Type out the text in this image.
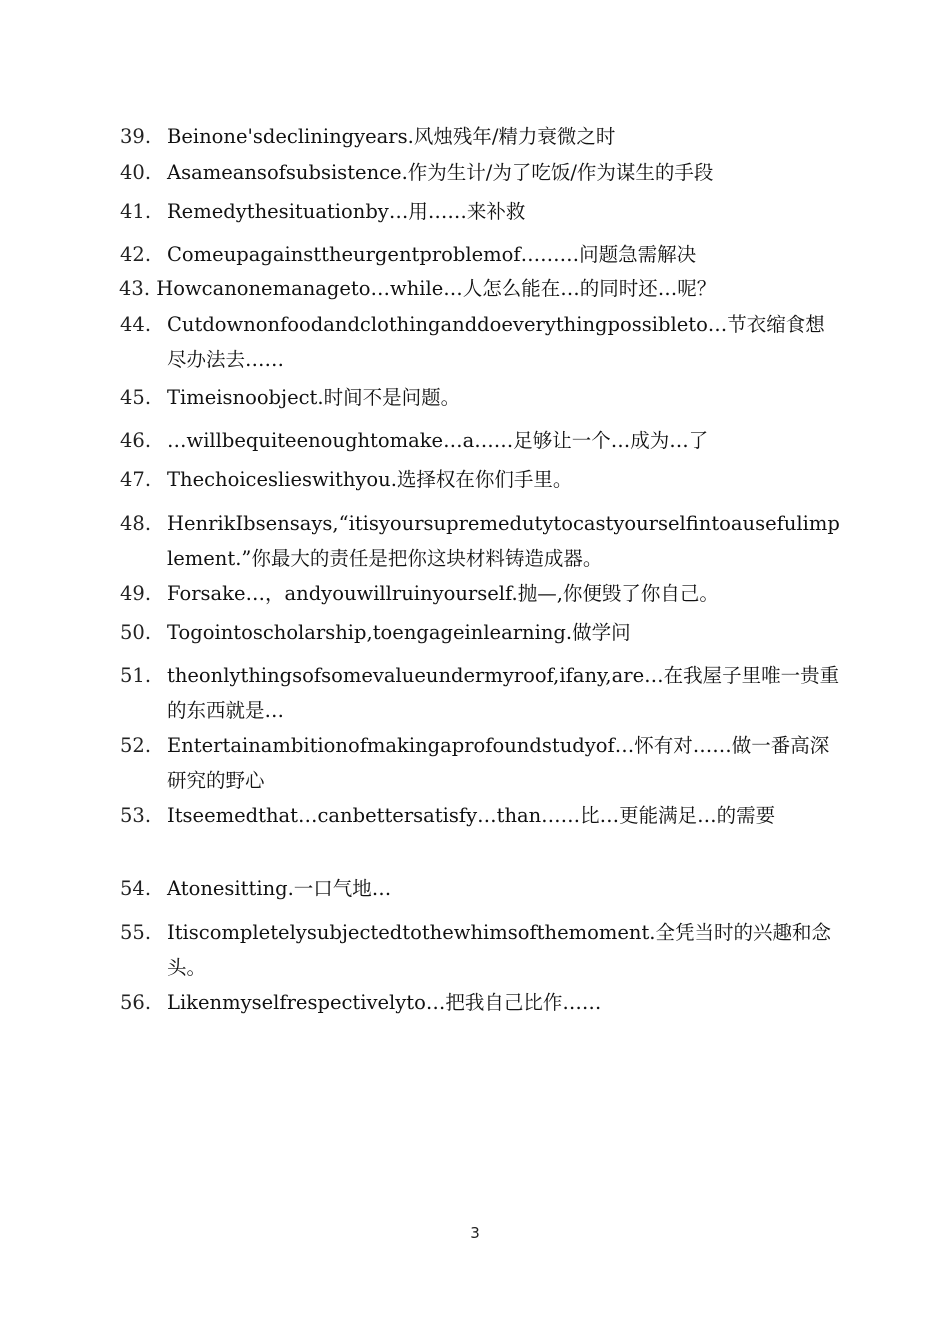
39. Beinone'sdecliningyears.风烛残年/精力衰微之时
40. Asameansofsubsistence.作为生计/为了吃饭/作为谋生的手段
41. Remedythesituationby…用……来补救
42. Comeupagainsttheurgentproblemof………问题急需解决
43. Howcanonemanageto…while…人怎么能在…的同时还…呢？
44. Cutdownonfoodandclothinganddoeverythingpossibleto…节衣缩食想尽办法去……
45. Timeisnoobject.时间不是问题。
46. …willbequiteenoughtomake…a……足够让一个…成为…了
47. Thechoiceslieswithyou.选择权在你们手里。
48. HenrikIbsensays,“itisyoursupremedutytocastyourselfintoausefulimplement.”你最大的责任是把你这块材料铸造成器。
49. Forsake…，andyouwillruinyourself.抛—,你便毁了你自己。
50. Togointoscholarship,toengageinlearning.做学问
51. theonlythingsofsomevalueundermyroof,ifany,are…在我屋子里唯一贵重的东西就是…
52. Entertainambitionofmakingaprofoundstudyof…怀有对……做一番高深研究的野心
53. Itseemedthat…canbettersatisfy…than……比…更能满足…的需要
54. Atonesitting.一口气地…
55. Itiscompletelysubjectedtothewhimsofthemoment.全凭当时的兴趣和念头。
56. Likenmyselfrespectivelyto…把我自己比作……
3
